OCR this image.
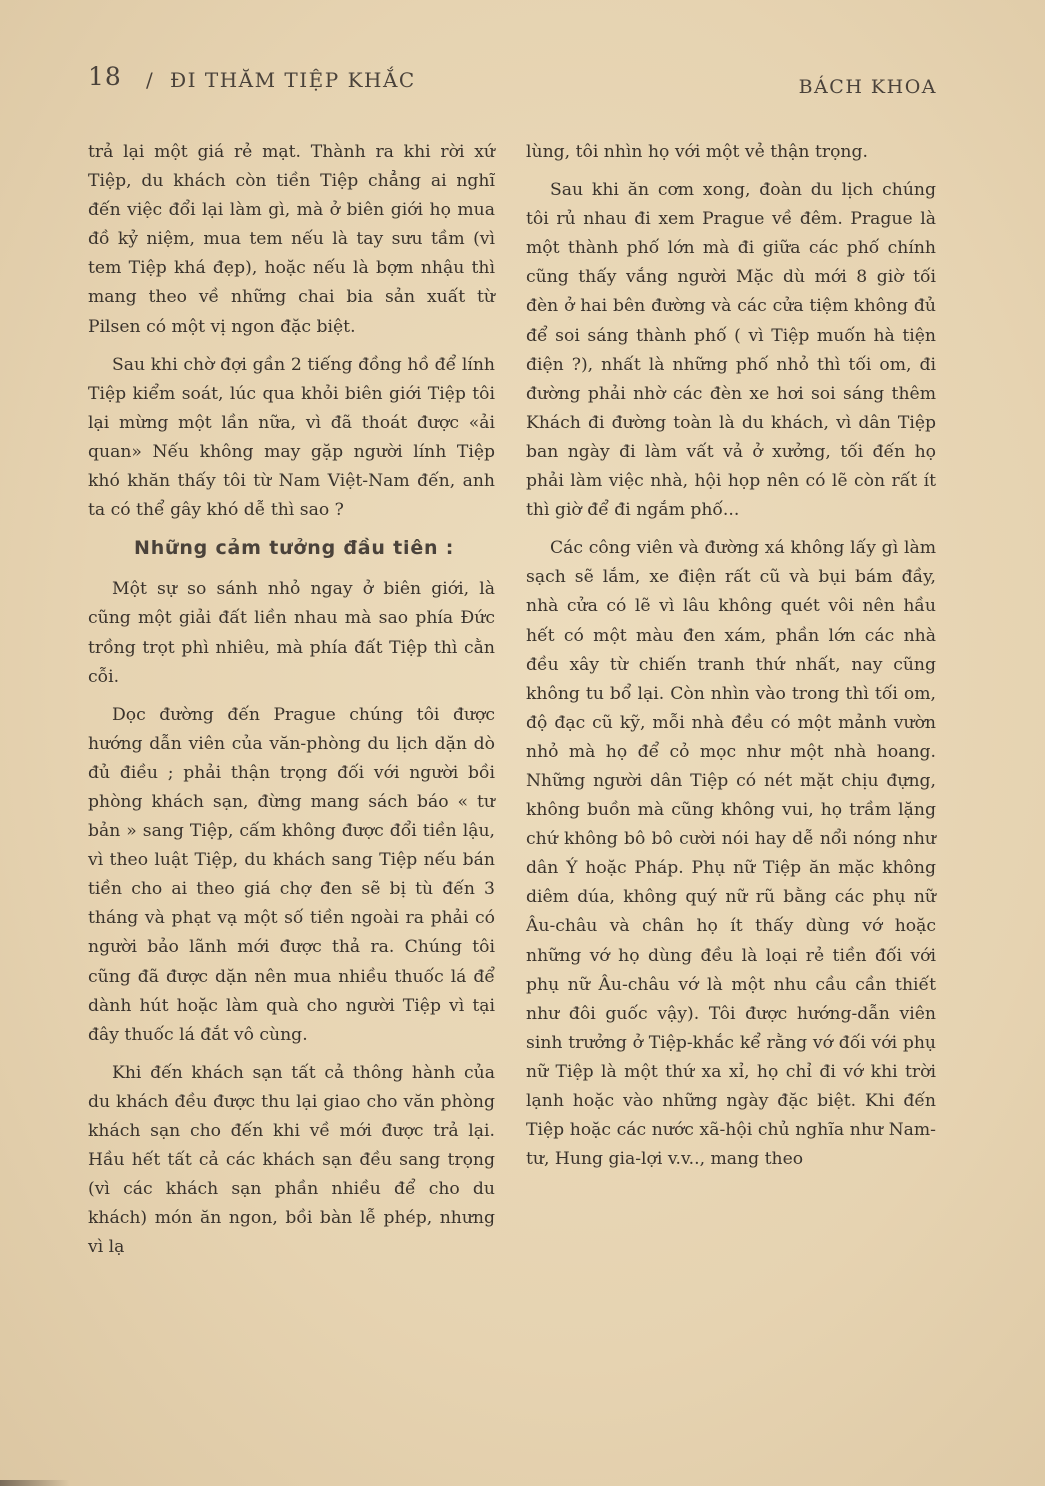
18 / ĐI THĂM TIỆP KHẮC	BÁCH KHOA

trả lại một giá rẻ mạt. Thành ra khi rời xứ Tiệp, du khách còn tiền Tiệp chẳng ai nghĩ đến việc đổi lại làm gì, mà ở biên giới họ mua đồ kỷ niệm, mua tem nếu là tay sưu tầm (vì tem Tiệp khá đẹp), hoặc nếu là bợm nhậu thì mang theo về những chai bia sản xuất từ Pilsen có một vị ngon đặc biệt.

Sau khi chờ đợi gần 2 tiếng đồng hồ để lính Tiệp kiểm soát, lúc qua khỏi biên giới Tiệp tôi lại mừng một lần nữa, vì đã thoát được «ải quan» Nếu không may gặp người lính Tiệp khó khăn thấy tôi từ Nam Việt-Nam đến, anh ta có thể gây khó dễ thì sao ?

Những cảm tưởng đầu tiên :

Một sự so sánh nhỏ ngay ở biên giới, là cũng một giải đất liền nhau mà sao phía Đức trồng trọt phì nhiêu, mà phía đất Tiệp thì cằn cỗi.

Dọc đường đến Prague chúng tôi được hướng dẫn viên của văn-phòng du lịch dặn dò đủ điều ; phải thận trọng đối với người bồi phòng khách sạn, đừng mang sách báo « tư bản » sang Tiệp, cấm không được đổi tiền lậu, vì theo luật Tiệp, du khách sang Tiệp nếu bán tiền cho ai theo giá chợ đen sẽ bị tù đến 3 tháng và phạt vạ một số tiền ngoài ra phải có người bảo lãnh mới được thả ra. Chúng tôi cũng đã được dặn nên mua nhiều thuốc lá để dành hút hoặc làm quà cho người Tiệp vì tại đây thuốc lá đắt vô cùng.

Khi đến khách sạn tất cả thông hành của du khách đều được thu lại giao cho văn phòng khách sạn cho đến khi về mới được trả lại. Hầu hết tất cả các khách sạn đều sang trọng (vì các khách sạn phần nhiều để cho du khách) món ăn ngon, bồi bàn lễ phép, nhưng vì lạ

lùng, tôi nhìn họ với một vẻ thận trọng.

Sau khi ăn cơm xong, đoàn du lịch chúng tôi rủ nhau đi xem Prague về đêm. Prague là một thành phố lớn mà đi giữa các phố chính cũng thấy vắng người Mặc dù mới 8 giờ tối đèn ở hai bên đường và các cửa tiệm không đủ để soi sáng thành phố ( vì Tiệp muốn hà tiện điện ?), nhất là những phố nhỏ thì tối om, đi đường phải nhờ các đèn xe hơi soi sáng thêm Khách đi đường toàn là du khách, vì dân Tiệp ban ngày đi làm vất vả ở xưởng, tối đến họ phải làm việc nhà, hội họp nên có lẽ còn rất ít thì giờ để đi ngắm phố...

Các công viên và đường xá không lấy gì làm sạch sẽ lắm, xe điện rất cũ và bụi bám đầy, nhà cửa có lẽ vì lâu không quét vôi nên hầu hết có một màu đen xám, phần lớn các nhà đều xây từ chiến tranh thứ nhất, nay cũng không tu bổ lại. Còn nhìn vào trong thì tối om, độ đạc cũ kỹ, mỗi nhà đều có một mảnh vườn nhỏ mà họ để cỏ mọc như một nhà hoang. Những người dân Tiệp có nét mặt chịu đựng, không buồn mà cũng không vui, họ trầm lặng chứ không bô bô cười nói hay dễ nổi nóng như dân Ý hoặc Pháp. Phụ nữ Tiệp ăn mặc không diêm dúa, không quý nữ rũ bằng các phụ nữ Âu-châu và chân họ ít thấy dùng vớ hoặc những vớ họ dùng đều là loại rẻ tiền đối với phụ nữ Âu-châu vớ là một nhu cầu cần thiết như đôi guốc vậy). Tôi được hướng-dẫn viên sinh trưởng ở Tiệp-khắc kể rằng vớ đối với phụ nữ Tiệp là một thứ xa xỉ, họ chỉ đi vớ khi trời lạnh hoặc vào những ngày đặc biệt. Khi đến Tiệp hoặc các nước xã-hội chủ nghĩa như Nam-tư, Hung gia-lợi v.v.., mang theo
